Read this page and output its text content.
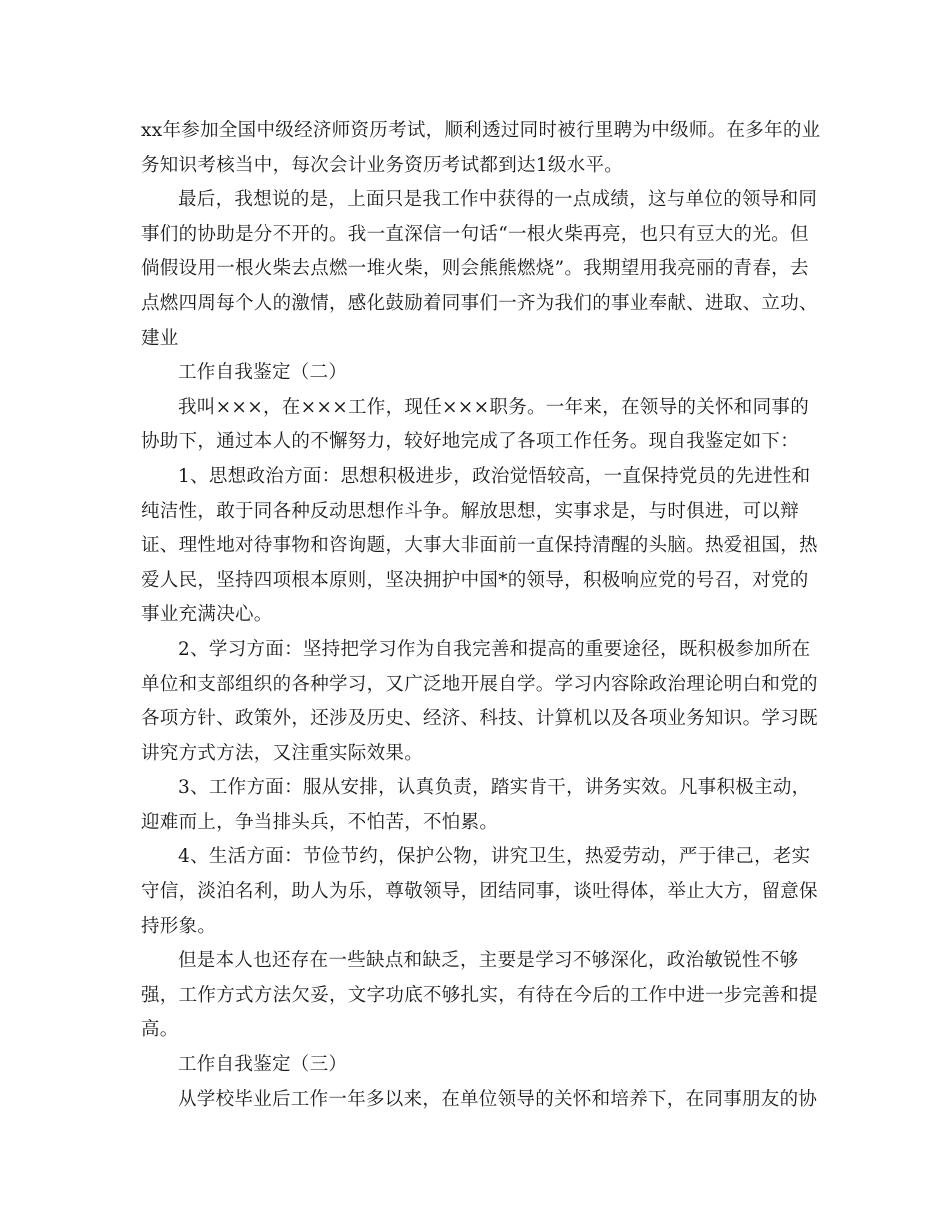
xx年参加全国中级经济师资历考试，顺利透过同时被行里聘为中级师。在多年的业务知识考核当中，每次会计业务资历考试都到达1级水平。

最后，我想说的是，上面只是我工作中获得的一点成绩，这与单位的领导和同事们的协助是分不开的。我一直深信一句话“一根火柴再亮，也只有豆大的光。但倘假设用一根火柴去点燃一堆火柴，则会熊熊燃烧”。我期望用我亮丽的青春，去点燃四周每个人的激情，感化鼓励着同事们一齐为我们的事业奉献、进取、立功、建业

工作自我鉴定（二）

我叫×××，在×××工作，现任×××职务。一年来，在领导的关怀和同事的协助下，通过本人的不懈努力，较好地完成了各项工作任务。现自我鉴定如下：

1、思想政治方面：思想积极进步，政治觉悟较高，一直保持党员的先进性和纯洁性，敢于同各种反动思想作斗争。解放思想，实事求是，与时俱进，可以辩证、理性地对待事物和咨询题，大事大非面前一直保持清醒的头脑。热爱祖国，热爱人民，坚持四项根本原则，坚决拥护中国*的领导，积极响应党的号召，对党的事业充满决心。

2、学习方面：坚持把学习作为自我完善和提高的重要途径，既积极参加所在单位和支部组织的各种学习，又广泛地开展自学。学习内容除政治理论明白和党的各项方针、政策外，还涉及历史、经济、科技、计算机以及各项业务知识。学习既讲究方式方法，又注重实际效果。

3、工作方面：服从安排，认真负责，踏实肯干，讲务实效。凡事积极主动，迎难而上，争当排头兵，不怕苦，不怕累。

4、生活方面：节俭节约，保护公物，讲究卫生，热爱劳动，严于律己，老实守信，淡泊名利，助人为乐，尊敬领导，团结同事，谈吐得体，举止大方，留意保持形象。

但是本人也还存在一些缺点和缺乏，主要是学习不够深化，政治敏锐性不够强，工作方式方法欠妥，文字功底不够扎实，有待在今后的工作中进一步完善和提高。

工作自我鉴定（三）

从学校毕业后工作一年多以来，在单位领导的关怀和培养下，在同事朋友的协
